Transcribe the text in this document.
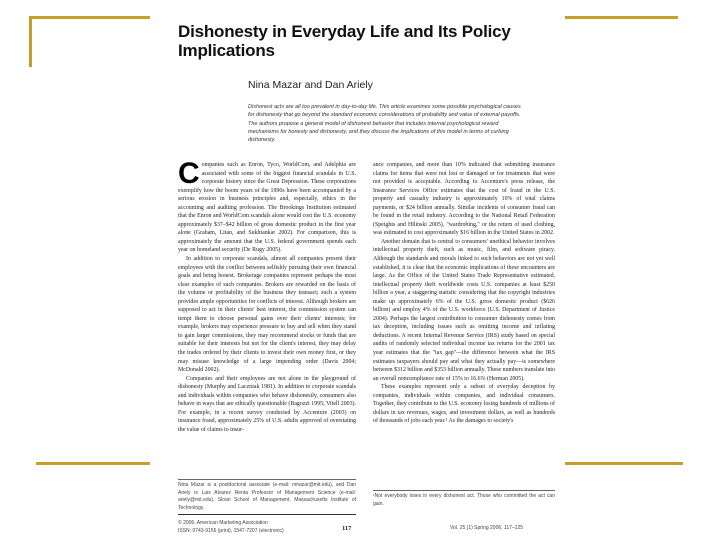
Dishonesty in Everyday Life and Its Policy Implications
Nina Mazar and Dan Ariely
Dishonest acts are all too prevalent in day-to-day life. This article examines some possible psychological causes for dishonesty that go beyond the standard economic considerations of probability and value of external payoffs. The authors propose a general model of dishonest behavior that includes internal psychological reward mechanisms for honesty and dishonesty, and they discuss the implications of this model in terms of curbing dishonesty.

Companies such as Enron, Tyco, WorldCom, and Adelphia are associated with some of the biggest financial scandals in U.S. corporate history since the Great Depression. These corporations exemplify how the boom years of the 1990s have been accompanied by a serious erosion in business principles and, especially, ethics in the accounting and auditing profession. The Brookings Institution estimated that the Enron and WorldCom scandals alone would cost the U.S. economy approximately $37–$42 billion of gross domestic product in the first year alone (Graham, Litan, and Sukhtankar 2002). For comparison, this is approximately the amount that the U.S. federal government spends each year on homeland security (De Rugy 2005).

In addition to corporate scandals, almost all companies present their employees with the conflict between selfishly pursuing their own financial goals and being honest. Brokerage companies represent perhaps the most clear examples of such companies. Brokers are rewarded on the basis of the volume or profitability of the business they transact; such a system provides ample opportunities for conflicts of interest. Although brokers are supposed to act in their clients' best interest, the commission system can tempt them to choose personal gains over their clients' interests; for example, brokers may experience pressure to buy and sell when they stand to gain larger commissions, they may recommend stocks or funds that are suitable for their interests but not for the client's interest, they may delay the trades ordered by their clients to invest their own money first, or they may misuse knowledge of a large impending order (Davis 2004; McDonald 2002).

Companies and their employees are not alone in the playground of dishonesty (Murphy and Laczniak 1981). In addition to corporate scandals and individuals within companies who behave dishonestly, consumers also behave in ways that are ethically questionable (Bagozzi 1995; Vitell 2003). For example, in a recent survey conducted by Accenture (2003) on insurance fraud, approximately 25% of U.S. adults approved of overstating the value of claims to insur-

ance companies, and more than 10% indicated that submitting insurance claims for items that were not lost or damaged or for treatments that were not provided is acceptable. According to Accenture's press release, the Insurance Services Office estimates that the cost of fraud in the U.S. property and casualty industry is approximately 10% of total claims payments, or $24 billion annually. Similar incidents of consumer fraud can be found in the retail industry. According to the National Retail Federation (Speights and Hilinski 2005), "wardrobing," or the return of used clothing, was estimated to cost approximately $16 billion in the United States in 2002.

Another domain that is central to consumers' unethical behavior involves intellectual property theft, such as music, film, and software piracy. Although the standards and morals linked to such behaviors are not yet well established, it is clear that the economic implications of these encounters are large. As the Office of the United States Trade Representative estimated, intellectual property theft worldwide costs U.S. companies at least $250 billion a year, a staggering statistic considering that the copyright industries make up approximately 6% of the U.S. gross domestic product ($626 billion) and employ 4% of the U.S. workforce (U.S. Department of Justice 2004). Perhaps the largest contribution to consumer dishonesty comes from tax deception, including issues such as omitting income and inflating deductions. A recent Internal Revenue Service (IRS) study based on special audits of randomly selected individual income tax returns for the 2001 tax year estimates that the "tax gap"—the difference between what the IRS estimates taxpayers should pay and what they actually pay—is somewhere between $312 billion and $353 billion annually. These numbers translate into an overall noncompliance rate of 15% to 16.6% (Herman 2005).

These examples represent only a subset of everyday deception by companies, individuals within companies, and individual consumers. Together, they contribute to the U.S. economy losing hundreds of millions of dollars in tax revenues, wages, and investment dollars, as well as hundreds of thousands of jobs each year.¹ As the damages to society's

Nina Mazar is a postdoctoral associate (e-mail: nmazar@mit.edu), and Dan Ariely is Luis Alvarez Renta Professor of Management Science (e-mail: ariely@mit.edu), Sloan School of Management, Massachusetts Institute of Technology.
¹Not everybody loses in every dishonest act. Those who committed the act can gain.
© 2006, American Marketing Association
ISSN: 0743-9156 (print), 1547-7207 (electronic)	117	Vol. 25 (1) Spring 2006, 117–125
